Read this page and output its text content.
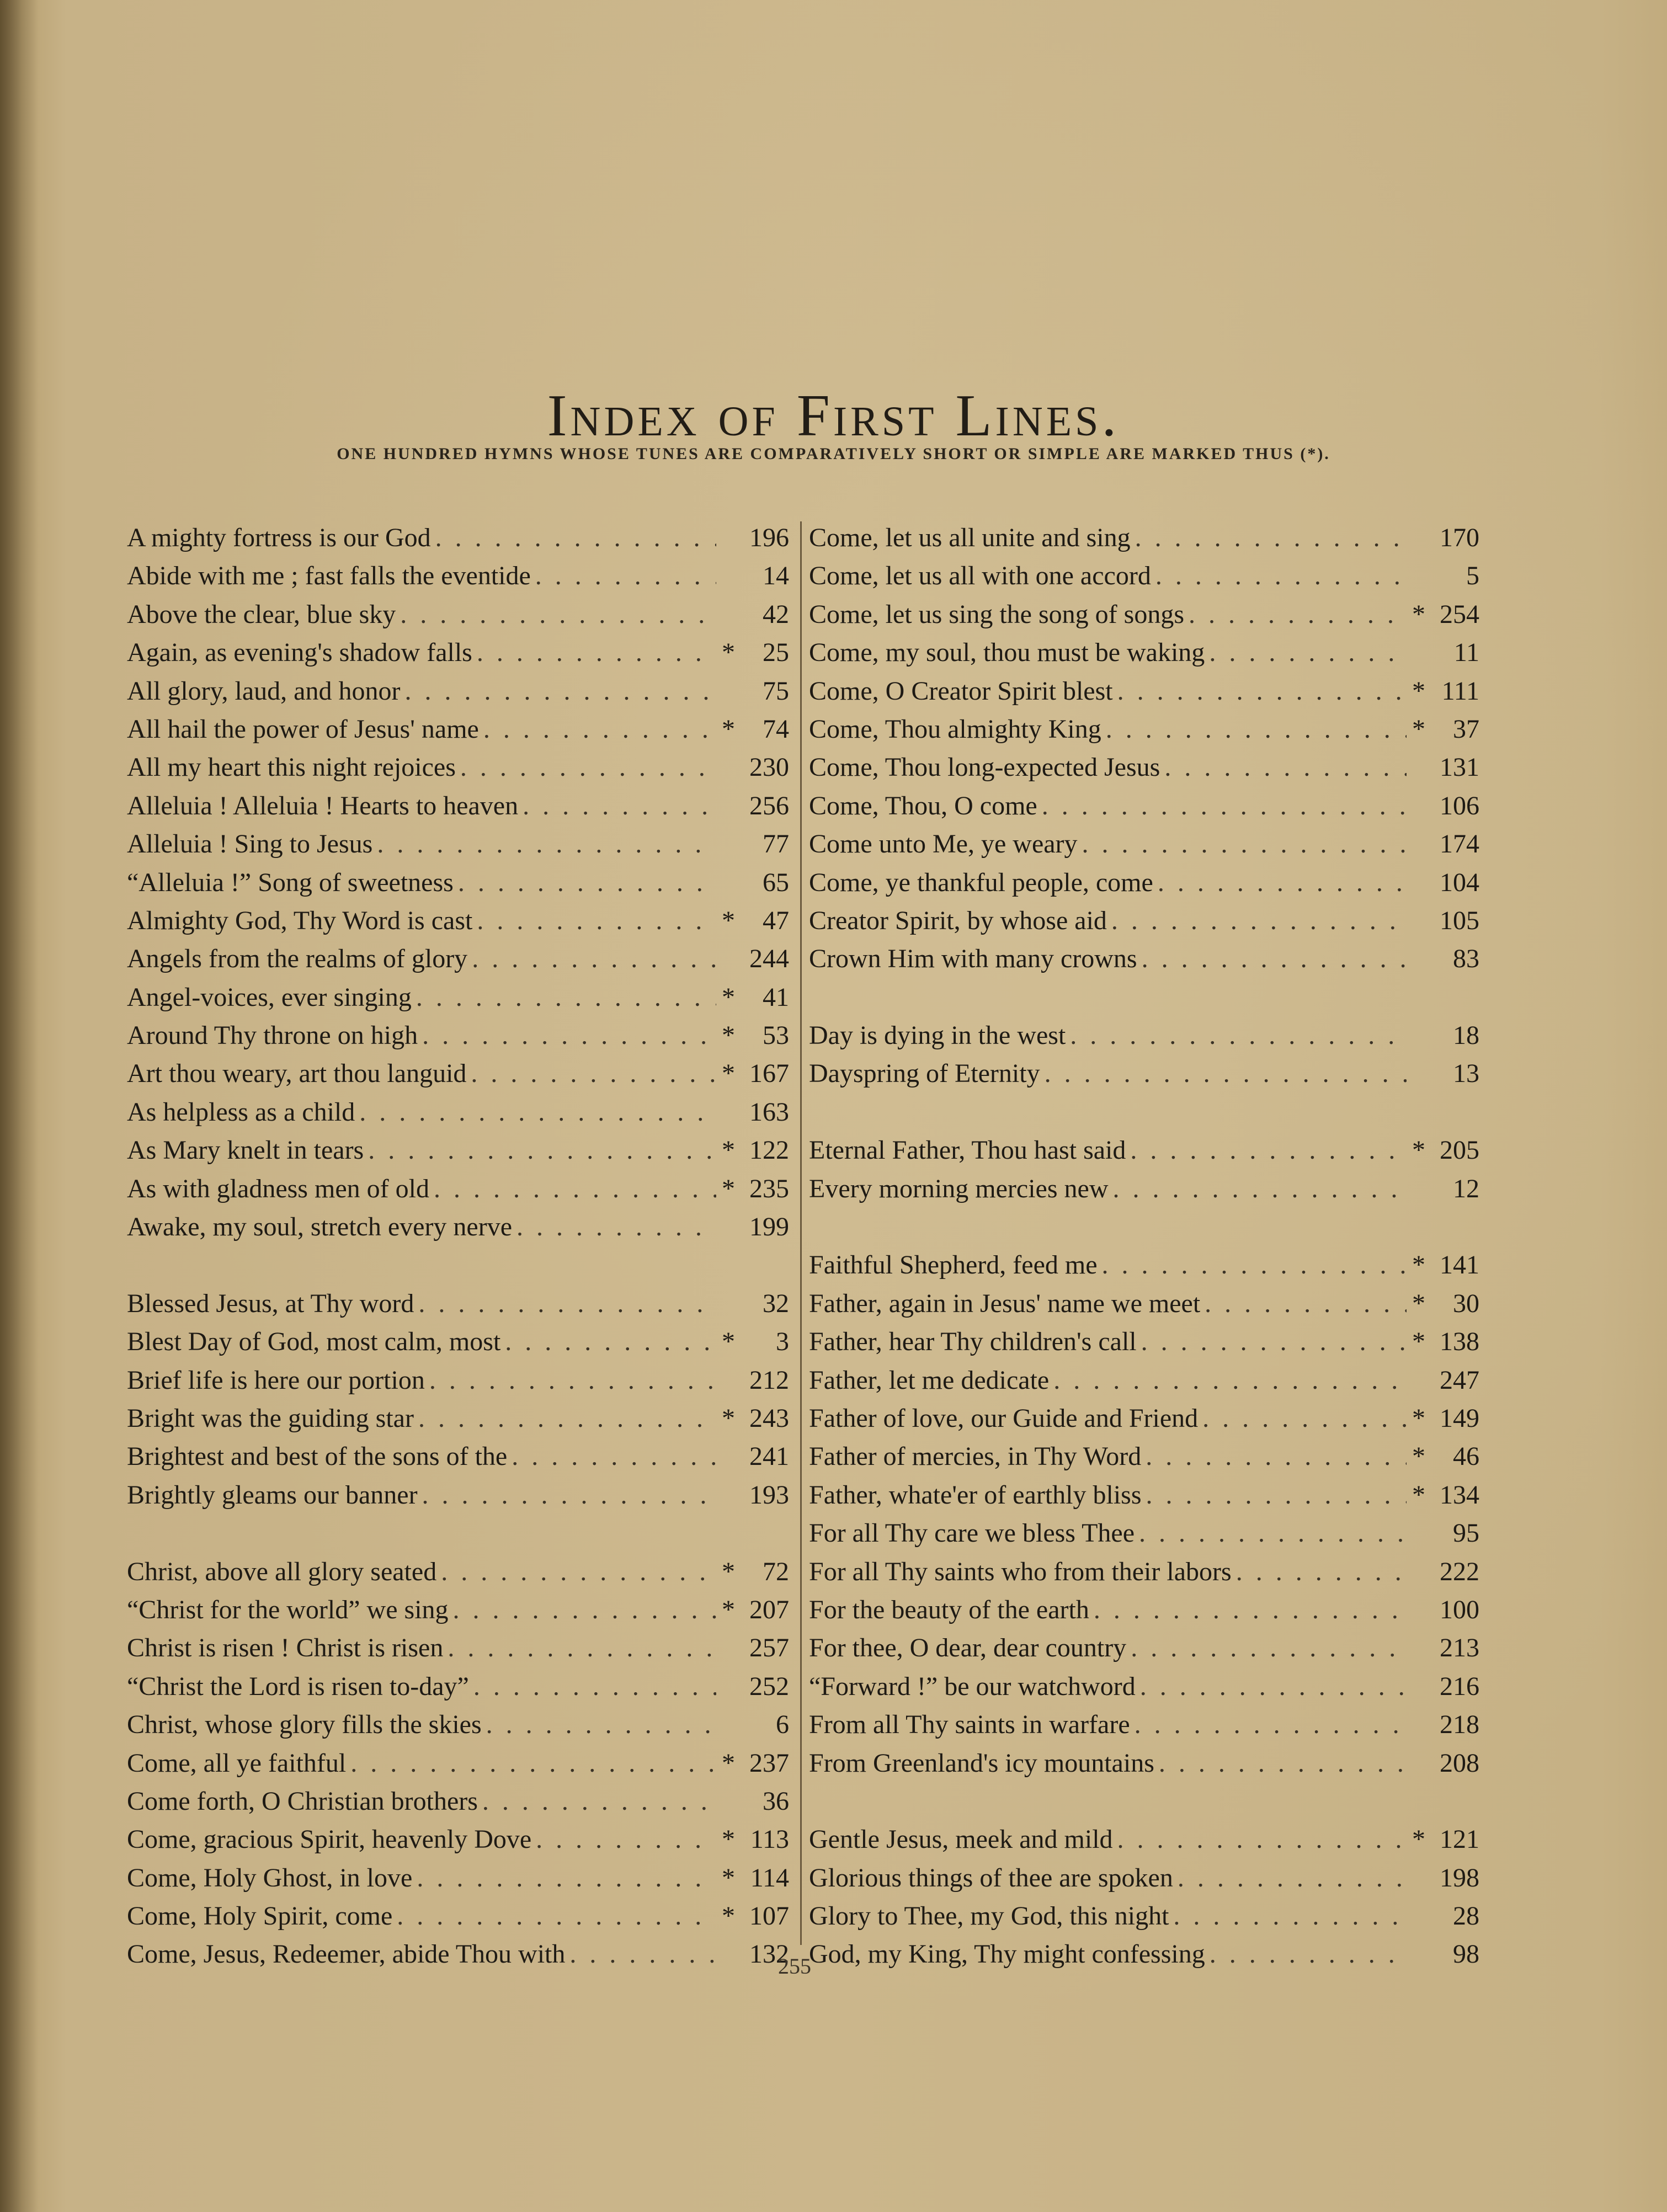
Index of First Lines.
ONE HUNDRED HYMNS WHOSE TUNES ARE COMPARATIVELY SHORT OR SIMPLE ARE MARKED THUS (*).
A mighty fortress is our God . . .	196
Abide with me ; fast falls the eventide . . .	14
Above the clear, blue sky . . .	42
Again, as evening's shadow falls . . .	*	25
All glory, laud, and honor . . .	75
All hail the power of Jesus' name . . .	*	74
All my heart this night rejoices . . .	230
Alleluia ! Alleluia ! Hearts to heaven . . .	256
Alleluia ! Sing to Jesus . . .	77
“Alleluia !” Song of sweetness . . .	65
Almighty God, Thy Word is cast . . .	*	47
Angels from the realms of glory . . .	244
Angel-voices, ever singing . . .	*	41
Around Thy throne on high . . .	*	53
Art thou weary, art thou languid . . .	* 167
As helpless as a child . . .	163
As Mary knelt in tears . . .	* 122
As with gladness men of old . . .	* 235
Awake, my soul, stretch every nerve . . .	199
Blessed Jesus, at Thy word . . .	32
Blest Day of God, most calm, most . . .	*	3
Brief life is here our portion . . .	212
Bright was the guiding star . . .	* 243
Brightest and best of the sons of the . . .	241
Brightly gleams our banner . . .	193
Christ, above all glory seated . . .	*	72
“Christ for the world” we sing . . .	* 207
Christ is risen ! Christ is risen . . .	257
“Christ the Lord is risen to-day” . . .	252
Christ, whose glory fills the skies . . .	6
Come, all ye faithful . . .	* 237
Come forth, O Christian brothers . . .	36
Come, gracious Spirit, heavenly Dove . . .	* 113
Come, Holy Ghost, in love . . .	* 114
Come, Holy Spirit, come . . .	* 107
Come, Jesus, Redeemer, abide Thou with . . .	132
Come, let us all unite and sing . . .	170
Come, let us all with one accord . . .	5
Come, let us sing the song of songs . . .	* 254
Come, my soul, thou must be waking . . .	11
Come, O Creator Spirit blest . . .	* 111
Come, Thou almighty King . . .	*	37
Come, Thou long-expected Jesus . . .	131
Come, Thou, O come . . .	106
Come unto Me, ye weary . . .	174
Come, ye thankful people, come . . .	104
Creator Spirit, by whose aid . . .	105
Crown Him with many crowns . . .	83
Day is dying in the west . . .	18
Dayspring of Eternity . . .	13
Eternal Father, Thou hast said . . .	* 205
Every morning mercies new . . .	12
Faithful Shepherd, feed me . . .	* 141
Father, again in Jesus' name we meet . . .	*	30
Father, hear Thy children's call . . .	* 138
Father, let me dedicate . . .	247
Father of love, our Guide and Friend . . .	* 149
Father of mercies, in Thy Word . . .	*	46
Father, whate'er of earthly bliss . . .	* 134
For all Thy care we bless Thee . . .	95
For all Thy saints who from their labors . . .	222
For the beauty of the earth . . .	100
For thee, O dear, dear country . . .	213
“Forward !” be our watchword . . .	216
From all Thy saints in warfare . . .	218
From Greenland's icy mountains . . .	208
Gentle Jesus, meek and mild . . .	* 121
Glorious things of thee are spoken . . .	198
Glory to Thee, my God, this night . . .	28
God, my King, Thy might confessing . . .	98
255
